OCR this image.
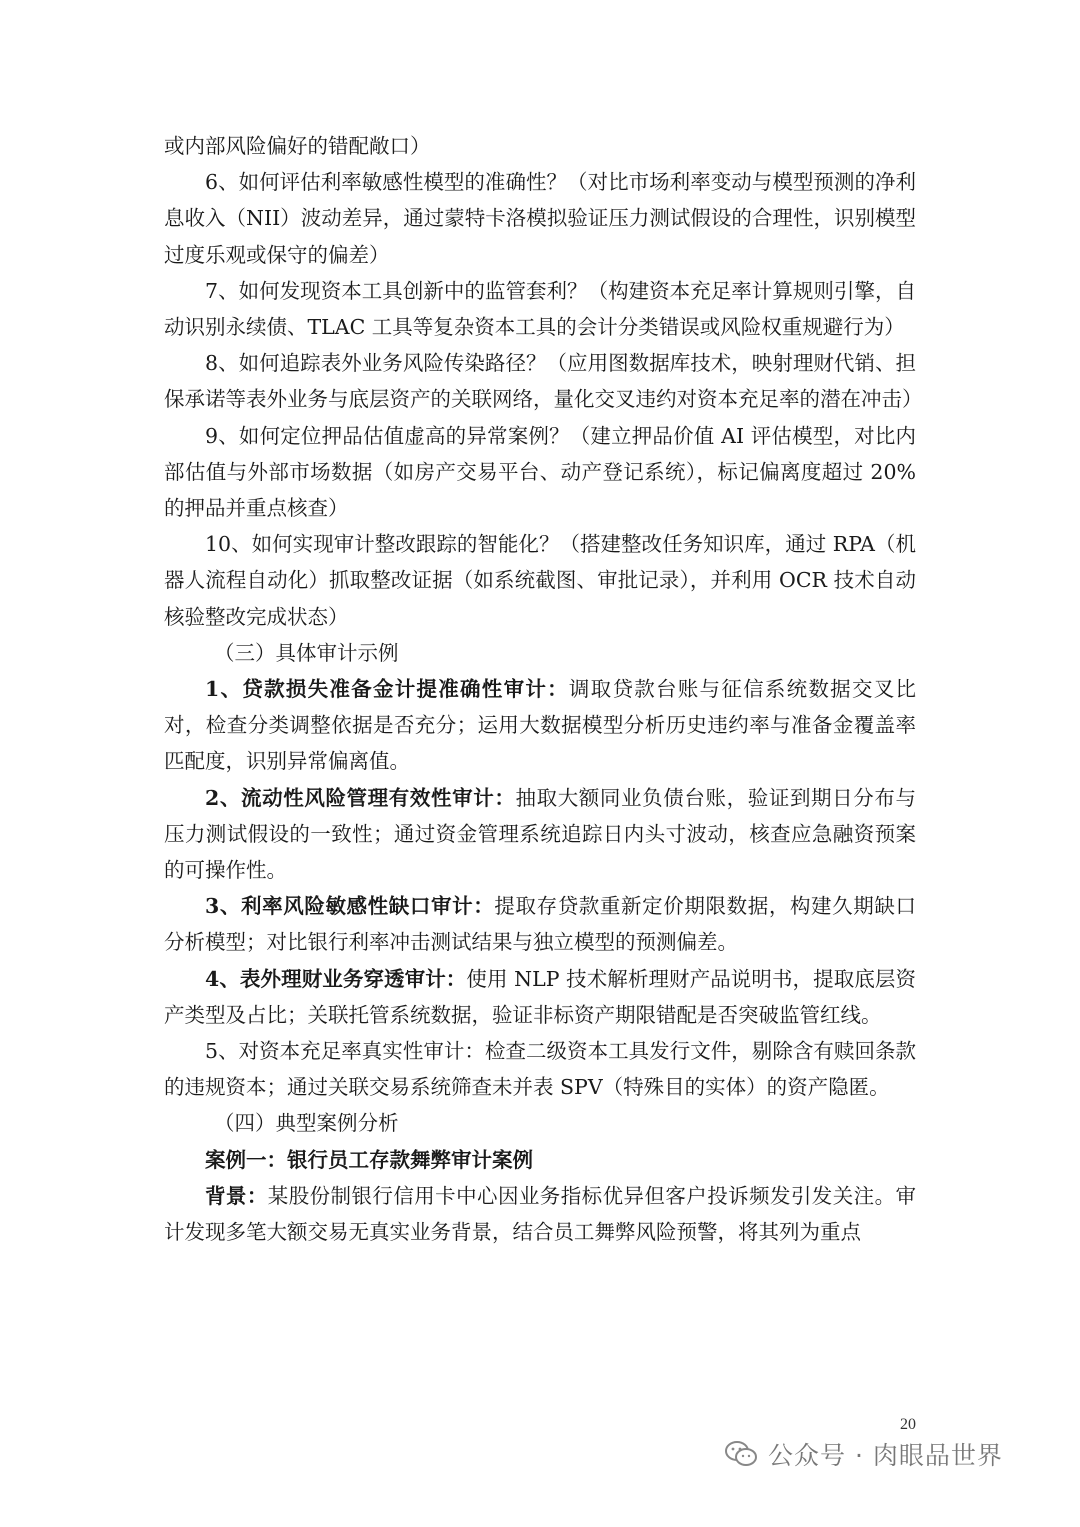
或内部风险偏好的错配敞口）

6、如何评估利率敏感性模型的准确性？（对比市场利率变动与模型预测的净利息收入（NII）波动差异，通过蒙特卡洛模拟验证压力测试假设的合理性，识别模型过度乐观或保守的偏差）

7、如何发现资本工具创新中的监管套利？（构建资本充足率计算规则引擎，自动识别永续债、TLAC 工具等复杂资本工具的会计分类错误或风险权重规避行为）

8、如何追踪表外业务风险传染路径？（应用图数据库技术，映射理财代销、担保承诺等表外业务与底层资产的关联网络，量化交叉违约对资本充足率的潜在冲击）

9、如何定位押品估值虚高的异常案例？（建立押品价值 AI 评估模型，对比内部估值与外部市场数据（如房产交易平台、动产登记系统），标记偏离度超过 20%的押品并重点核查）

10、如何实现审计整改跟踪的智能化？（搭建整改任务知识库，通过 RPA（机器人流程自动化）抓取整改证据（如系统截图、审批记录），并利用 OCR 技术自动核验整改完成状态）

（三）具体审计示例

1、贷款损失准备金计提准确性审计：调取贷款台账与征信系统数据交叉比对，检查分类调整依据是否充分；运用大数据模型分析历史违约率与准备金覆盖率匹配度，识别异常偏离值。

2、流动性风险管理有效性审计：抽取大额同业负债台账，验证到期日分布与压力测试假设的一致性；通过资金管理系统追踪日内头寸波动，核查应急融资预案的可操作性。

3、利率风险敏感性缺口审计：提取存贷款重新定价期限数据，构建久期缺口分析模型；对比银行利率冲击测试结果与独立模型的预测偏差。

4、表外理财业务穿透审计：使用 NLP 技术解析理财产品说明书，提取底层资产类型及占比；关联托管系统数据，验证非标资产期限错配是否突破监管红线。

5、对资本充足率真实性审计：检查二级资本工具发行文件，剔除含有赎回条款的违规资本；通过关联交易系统筛查未并表 SPV（特殊目的实体）的资产隐匿。

（四）典型案例分析

案例一：银行员工存款舞弊审计案例

背景：某股份制银行信用卡中心因业务指标优异但客户投诉频发引发关注。审计发现多笔大额交易无真实业务背景，结合员工舞弊风险预警，将其列为重点

20
公众号 · 肉眼品世界
